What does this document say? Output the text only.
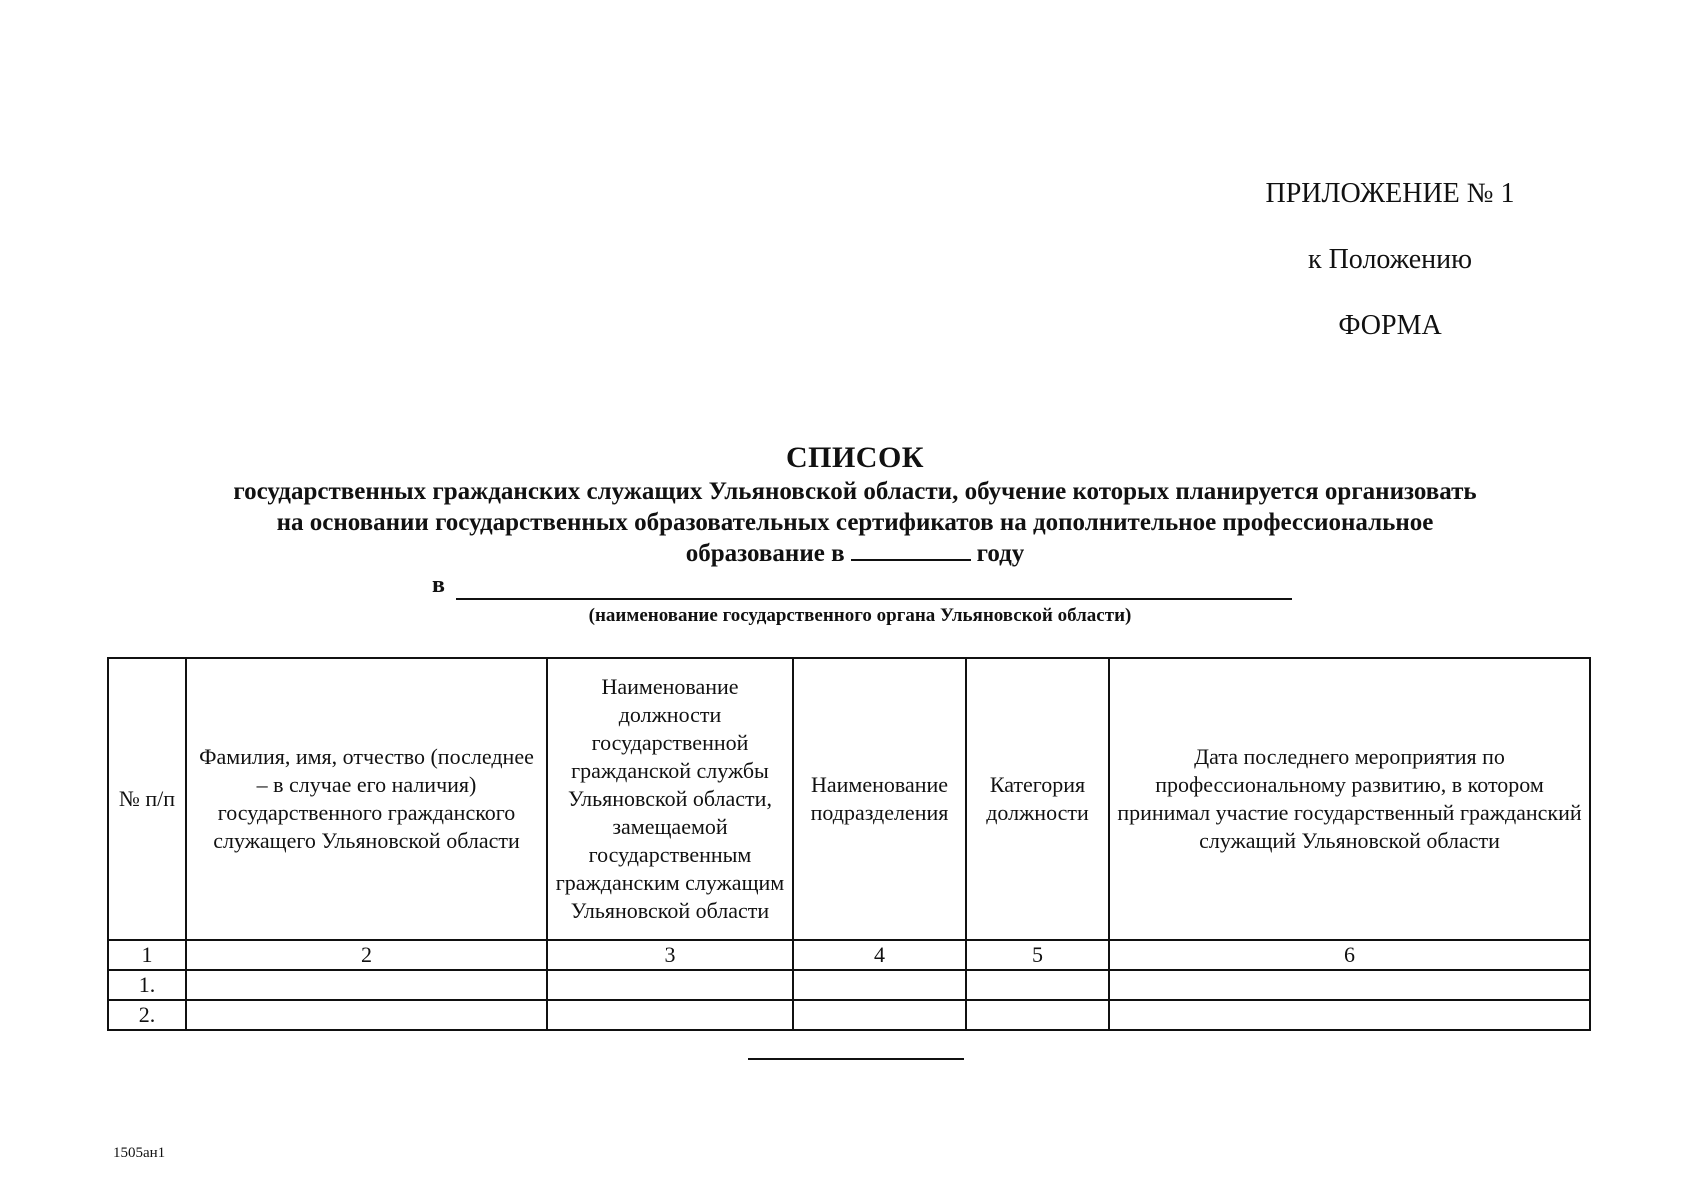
ПРИЛОЖЕНИЕ № 1
к Положению
ФОРМА
СПИСОК
государственных гражданских служащих Ульяновской области, обучение которых планируется организовать
на основании государственных образовательных сертификатов на дополнительное профессиональное
образование в	году
в
(наименование государственного органа Ульяновской области)
№ п/п	Фамилия, имя, отчество (последнее – в случае его наличия) государственного гражданского служащего Ульяновской области	Наименование должности государственной гражданской службы Ульяновской области, замещаемой государственным гражданским служащим Ульяновской области	Наименование подразделения	Категория должности	Дата последнего мероприятия по профессиональному развитию, в котором принимал участие государственный гражданский служащий Ульяновской области
1	2	3	4	5	6
1.					
2.					
1505ан1
